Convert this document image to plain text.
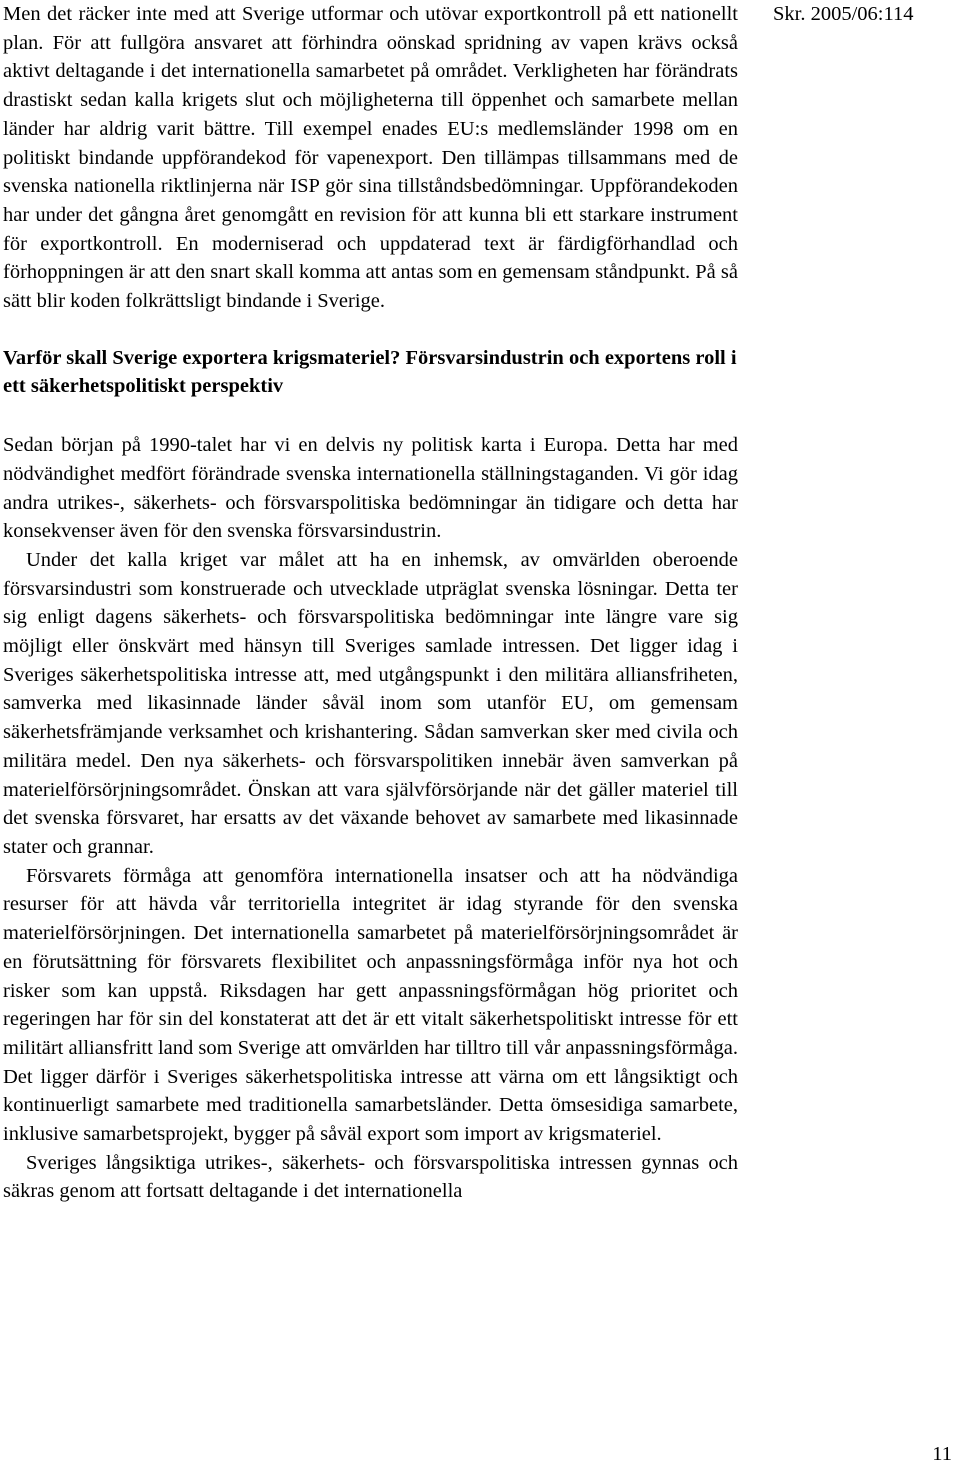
Men det räcker inte med att Sverige utformar och utövar exportkontroll på ett nationellt plan. För att fullgöra ansvaret att förhindra oönskad spridning av vapen krävs också aktivt deltagande i det internationella samarbetet på området. Verkligheten har förändrats drastiskt sedan kalla krigets slut och möjligheterna till öppenhet och samarbete mellan länder har aldrig varit bättre. Till exempel enades EU:s medlemsländer 1998 om en politiskt bindande uppförandekod för vapenexport. Den tillämpas tillsammans med de svenska nationella riktlinjerna när ISP gör sina tillståndsbedömningar. Uppförandekoden har under det gångna året genomgått en revision för att kunna bli ett starkare instrument för exportkontroll. En moderniserad och uppdaterad text är färdigförhandlad och förhoppningen är att den snart skall komma att antas som en gemensam ståndpunkt. På så sätt blir koden folkrättsligt bindande i Sverige.

Varför skall Sverige exportera krigsmateriel? Försvarsindustrin och exportens roll i ett säkerhetspolitiskt perspektiv

Sedan början på 1990-talet har vi en delvis ny politisk karta i Europa. Detta har med nödvändighet medfört förändrade svenska internationella ställningstaganden. Vi gör idag andra utrikes-, säkerhets- och försvarspolitiska bedömningar än tidigare och detta har konsekvenser även för den svenska försvarsindustrin.

Under det kalla kriget var målet att ha en inhemsk, av omvärlden oberoende försvarsindustri som konstruerade och utvecklade utpräglat svenska lösningar. Detta ter sig enligt dagens säkerhets- och försvarspolitiska bedömningar inte längre vare sig möjligt eller önskvärt med hänsyn till Sveriges samlade intressen. Det ligger idag i Sveriges säkerhetspolitiska intresse att, med utgångspunkt i den militära alliansfriheten, samverka med likasinnade länder såväl inom som utanför EU, om gemensam säkerhetsfrämjande verksamhet och krishantering. Sådan samverkan sker med civila och militära medel. Den nya säkerhets- och försvarspolitiken innebär även samverkan på materielförsörjningsområdet. Önskan att vara självförsörjande när det gäller materiel till det svenska försvaret, har ersatts av det växande behovet av samarbete med likasinnade stater och grannar.

Försvarets förmåga att genomföra internationella insatser och att ha nödvändiga resurser för att hävda vår territoriella integritet är idag styrande för den svenska materielförsörjningen. Det internationella samarbetet på materielförsörjningsområdet är en förutsättning för försvarets flexibilitet och anpassningsförmåga inför nya hot och risker som kan uppstå. Riksdagen har gett anpassningsförmågan hög prioritet och regeringen har för sin del konstaterat att det är ett vitalt säkerhetspolitiskt intresse för ett militärt alliansfritt land som Sverige att omvärlden har tilltro till vår anpassningsförmåga. Det ligger därför i Sveriges säkerhetspolitiska intresse att värna om ett långsiktigt och kontinuerligt samarbete med traditionella samarbetsländer. Detta ömsesidiga samarbete, inklusive samarbetsprojekt, bygger på såväl export som import av krigsmateriel.

Sveriges långsiktiga utrikes-, säkerhets- och försvarspolitiska intressen gynnas och säkras genom att fortsatt deltagande i det internationella

Skr. 2005/06:114
11
